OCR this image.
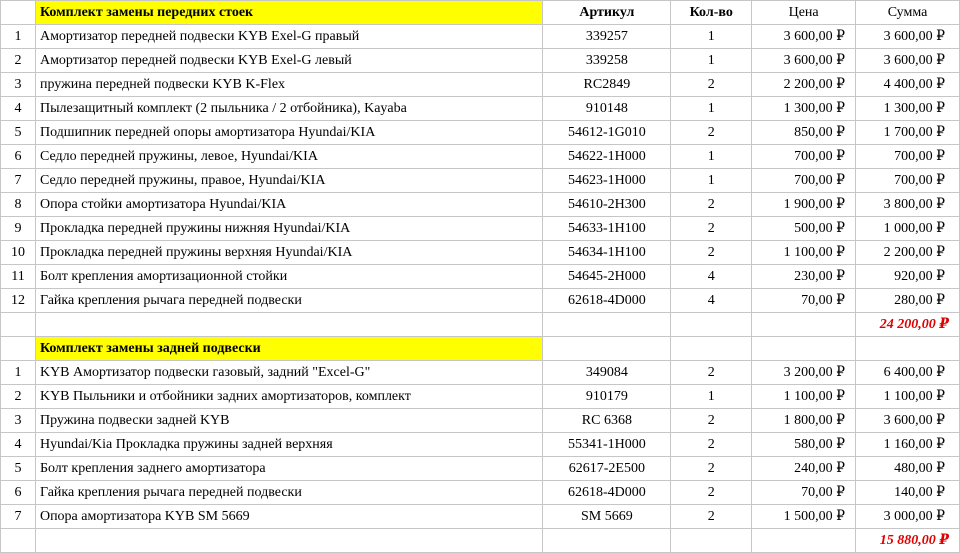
	Комплект замены передних стоек	Артикул	Кол-во	Цена	Сумма
1	Амортизатор передней подвески KYB Exel-G правый	339257	1	3 600,00 ₽	3 600,00 ₽
2	Амортизатор передней подвески KYB Exel-G левый	339258	1	3 600,00 ₽	3 600,00 ₽
3	пружина передней подвески KYB K-Flex	RC2849	2	2 200,00 ₽	4 400,00 ₽
4	Пылезащитный комплект (2 пыльника / 2 отбойника), Kayaba	910148	1	1 300,00 ₽	1 300,00 ₽
5	Подшипник передней опоры амортизатора Hyundai/KIA	54612-1G010	2	850,00 ₽	1 700,00 ₽
6	Седло передней пружины, левое, Hyundai/KIA	54622-1H000	1	700,00 ₽	700,00 ₽
7	Седло передней пружины, правое, Hyundai/KIA	54623-1H000	1	700,00 ₽	700,00 ₽
8	Опора стойки амортизатора Hyundai/KIA	54610-2H300	2	1 900,00 ₽	3 800,00 ₽
9	Прокладка передней пружины нижняя Hyundai/KIA	54633-1H100	2	500,00 ₽	1 000,00 ₽
10	Прокладка передней пружины верхняя Hyundai/KIA	54634-1H100	2	1 100,00 ₽	2 200,00 ₽
11	Болт крепления амортизационной стойки	54645-2H000	4	230,00 ₽	920,00 ₽
12	Гайка крепления рычага передней подвески	62618-4D000	4	70,00 ₽	280,00 ₽
					24 200,00 ₽
	Комплект замены задней подвески				
1	KYB Амортизатор подвески газовый, задний "Excel-G"	349084	2	3 200,00 ₽	6 400,00 ₽
2	KYB Пыльники и отбойники задних амортизаторов, комплект	910179	1	1 100,00 ₽	1 100,00 ₽
3	Пружина подвески задней KYB	RC 6368	2	1 800,00 ₽	3 600,00 ₽
4	Hyundai/Kia Прокладка пружины задней верхняя	55341-1H000	2	580,00 ₽	1 160,00 ₽
5	Болт крепления заднего амортизатора	62617-2E500	2	240,00 ₽	480,00 ₽
6	Гайка крепления рычага передней подвески	62618-4D000	2	70,00 ₽	140,00 ₽
7	Опора амортизатора KYB SM 5669	SM 5669	2	1 500,00 ₽	3 000,00 ₽
					15 880,00 ₽
